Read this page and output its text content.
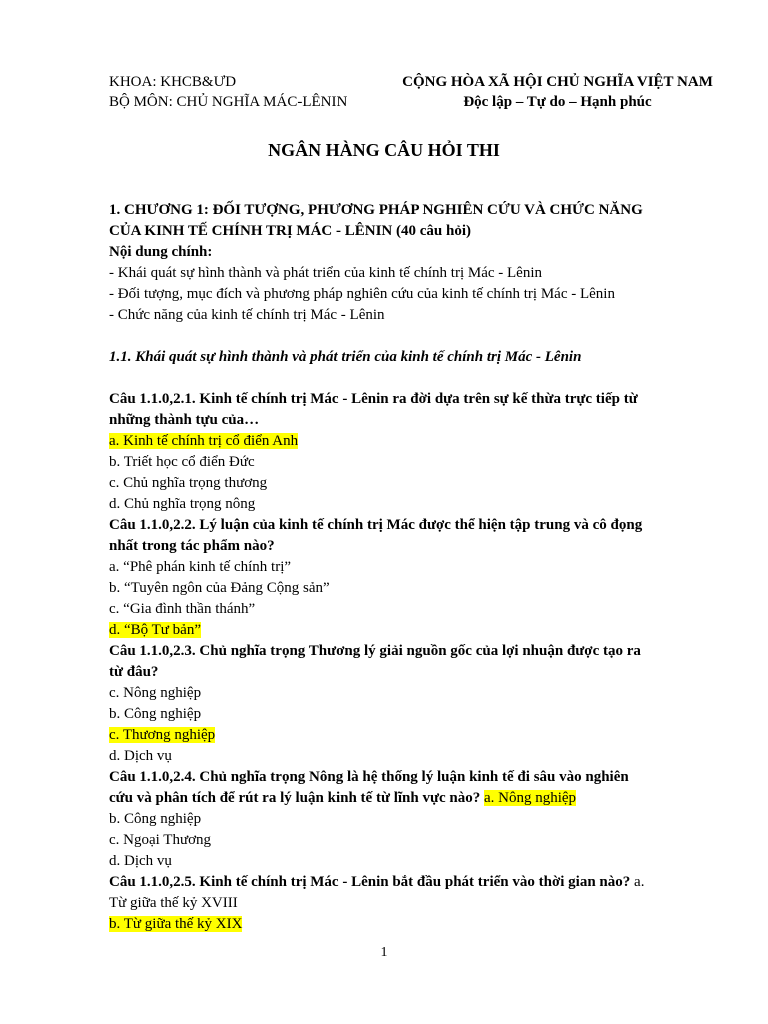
KHOA: KHCB&ƯD
BỘ MÔN: CHỦ NGHĨA MÁC-LÊNIN
CỘNG HÒA XÃ HỘI CHỦ NGHĨA VIỆT NAM
Độc lập – Tự do – Hạnh phúc
NGÂN HÀNG CÂU HỎI THI
1. CHƯƠNG 1: ĐỐI TƯỢNG, PHƯƠNG PHÁP NGHIÊN CỨU VÀ CHỨC NĂNG
CỦA KINH TẾ CHÍNH TRỊ MÁC - LÊNIN (40 câu hỏi)
Nội dung chính:
- Khái quát sự hình thành và phát triển của kinh tế chính trị Mác - Lênin
- Đối tượng, mục đích và phương pháp nghiên cứu của kinh tế chính trị Mác - Lênin
- Chức năng của kinh tế chính trị Mác - Lênin
1.1. Khái quát sự hình thành và phát triển của kinh tế chính trị Mác - Lênin
Câu 1.1.0,2.1. Kinh tế chính trị Mác - Lênin ra đời dựa trên sự kế thừa trực tiếp từ
những thành tựu của…
a. Kinh tế chính trị cổ điển Anh
b. Triết học cổ điển Đức
c. Chủ nghĩa trọng thương
d. Chủ nghĩa trọng nông
Câu 1.1.0,2.2. Lý luận của kinh tế chính trị Mác được thể hiện tập trung và cô đọng
nhất trong tác phẩm nào?
a. “Phê phán kinh tế chính trị”
b. “Tuyên ngôn của Đảng Cộng sản”
c. “Gia đình thần thánh”
d. “Bộ Tư bản”
Câu 1.1.0,2.3. Chủ nghĩa trọng Thương lý giải nguồn gốc của lợi nhuận được tạo ra
từ đâu?
c. Nông nghiệp
b. Công nghiệp
c. Thương nghiệp
d. Dịch vụ
Câu 1.1.0,2.4. Chủ nghĩa trọng Nông là hệ thống lý luận kinh tế đi sâu vào nghiên
cứu và phân tích để rút ra lý luận kinh tế từ lĩnh vực nào? a. Nông nghiệp
b. Công nghiệp
c. Ngoại Thương
d. Dịch vụ
Câu 1.1.0,2.5. Kinh tế chính trị Mác - Lênin bắt đầu phát triển vào thời gian nào? a.
Từ giữa thế kỷ XVIII
b. Từ giữa thế kỷ XIX
1
